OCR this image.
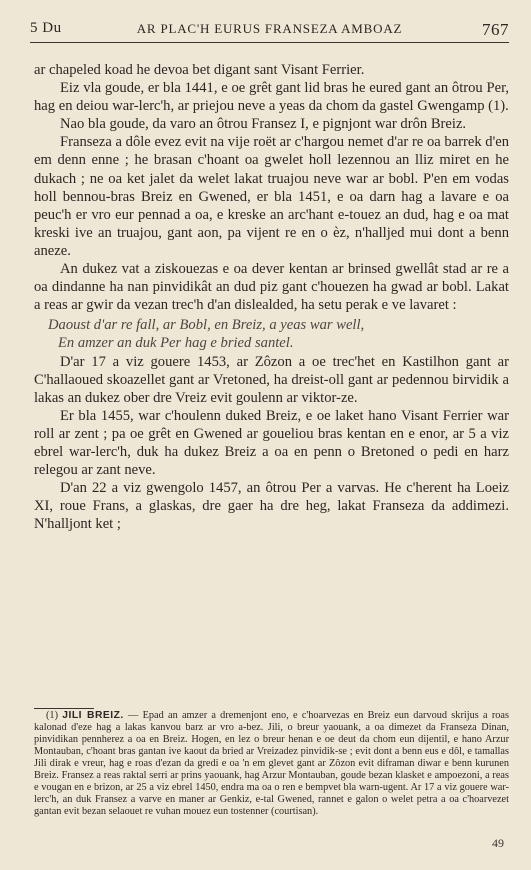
5 Du	AR PLAC'H EURUS FRANSEZA AMBOAZ	767

ar chapeled koad he devoa bet digant sant Visant Ferrier.

Eiz vla goude, er bla 1441, e oe grêt gant lid bras he eured gant an ôtrou Per, hag en deiou war-lerc'h, ar priejou neve a yeas da chom da gastel Gwengamp (1).

Nao bla goude, da varo an ôtrou Fransez I, e pignjont war drôn Breiz.

Franseza a dôle evez evit na vije roët ar c'hargou nemet d'ar re oa barrek d'en em denn enne ; he brasan c'hoant oa gwelet holl lezennou an lliz miret en he dukach ; ne oa ket jalet da welet lakat truajou neve war ar bobl. P'en em vodas holl bennou-bras Breiz en Gwened, er bla 1451, e oa darn hag a lavare e oa peuc'h er vro eur pennad a oa, e kreske an arc'hant e-touez an dud, hag e oa mat kreski ive an truajou, gant aon, pa vijent re en o èz, n'halljed mui dont a benn aneze.

An dukez vat a ziskouezas e oa dever kentan ar brinsed gwellât stad ar re a oa dindanne ha nan pinvidikât an dud piz gant c'houezen ha gwad ar bobl. Lakat a reas ar gwir da vezan trec'h d'an dislealded, ha setu perak e ve lavaret :

Daoust d'ar re fall, ar Bobl, en Breiz, a yeas war well,

En amzer an duk Per hag e bried santel.

D'ar 17 a viz gouere 1453, ar Zôzon a oe trec'het en Kastilhon gant ar C'hallaoued skoazellet gant ar Vretoned, ha dreist-oll gant ar pedennou birvidik a lakas an dukez ober dre Vreiz evit goulenn ar viktor-ze.

Er bla 1455, war c'houlenn duked Breiz, e oe laket hano Visant Ferrier war roll ar zent ; pa oe grêt en Gwened ar goueliou bras kentan en e enor, ar 5 a viz ebrel war-lerc'h, duk ha dukez Breiz a oa en penn o Bretoned o pedi en harz relegou ar zant neve.

D'an 22 a viz gwengolo 1457, an ôtrou Per a varvas. He c'herent ha Loeiz XI, roue Frans, a glaskas, dre gaer ha dre heg, lakat Franseza da addimezi. N'halljont ket ;

(1) JILI BREIZ. — Epad an amzer a dremenjont eno, e c'hoarvezas en Breiz eun darvoud skrijus a roas kalonad d'eze hag a lakas kanvou barz ar vro a-bez. Jili, o breur yaouank, a oa dimezet da Franseza Dinan, pinvidikan pennherez a oa en Breiz. Hogen, en lez o breur henan e oe deut da chom eun dijentil, e hano Arzur Montauban, c'hoant bras gantan ive kaout da bried ar Vreizadez pinvidik-se ; evit dont a benn eus e dôl, e tamallas Jili dirak e vreur, hag e roas d'ezan da gredi e oa 'n em glevet gant ar Zôzon evit diframan diwar e benn kurunen Breiz. Fransez a reas raktal serri ar prins yaouank, hag Arzur Montauban, goude bezan klasket e ampoezoni, a reas e vougan en e brizon, ar 25 a viz ebrel 1450, endra ma oa o ren e bempvet bla warn-ugent. Ar 17 a viz gouere war-lerc'h, an duk Fransez a varve en maner ar Genkiz, e-tal Gwened, rannet e galon o welet petra a oa c'hoarvezet gantan evit bezan selaouet re vuhan mouez eun tostenner (courtisan).

49
